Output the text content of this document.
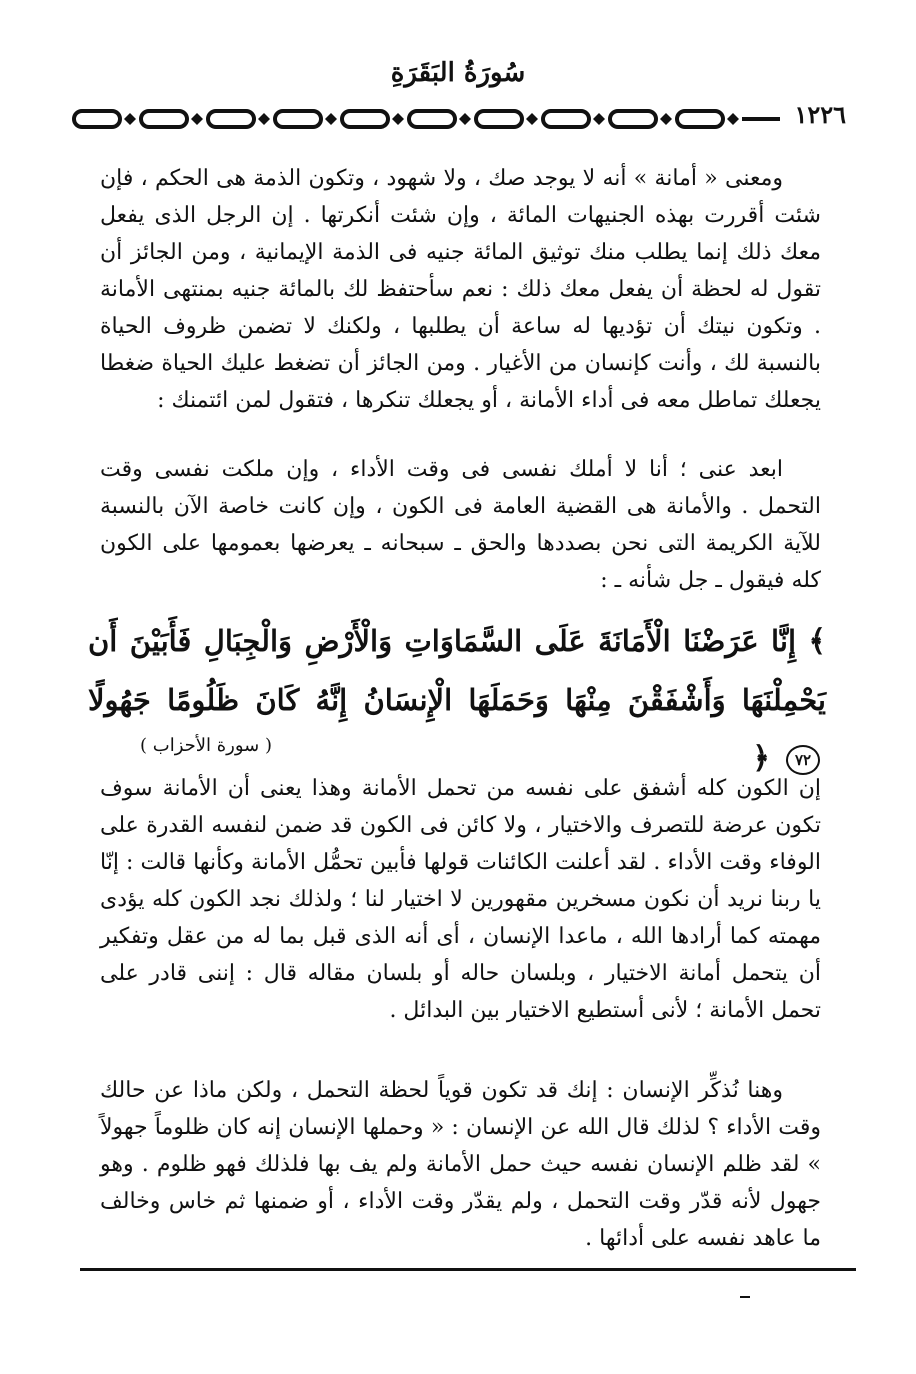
سُورَةُ البَقَرَةِ
١٢٢٦

ومعنى « أمانة » أنه لا يوجد صك ، ولا شهود ، وتكون الذمة هى الحكم ، فإن شئت أقررت بهذه الجنيهات المائة ، وإن شئت أنكرتها . إن الرجل الذى يفعل معك ذلك إنما يطلب منك توثيق المائة جنيه فى الذمة الإيمانية ، ومن الجائز أن تقول له لحظة أن يفعل معك ذلك : نعم سأحتفظ لك بالمائة جنيه بمنتهى الأمانة . وتكون نيتك أن تؤديها له ساعة أن يطلبها ، ولكنك لا تضمن ظروف الحياة بالنسبة لك ، وأنت كإنسان من الأغيار . ومن الجائز أن تضغط عليك الحياة ضغطا يجعلك تماطل معه فى أداء الأمانة ، أو يجعلك تنكرها ، فتقول لمن ائتمنك :

ابعد عنى ؛ أنا لا أملك نفسى فى وقت الأداء ، وإن ملكت نفسى وقت التحمل . والأمانة هى القضية العامة فى الكون ، وإن كانت خاصة الآن بالنسبة للآية الكريمة التى نحن بصددها والحق ـ سبحانه ـ يعرضها بعمومها على الكون كله فيقول ـ جل شأنه ـ :

﴾ إِنَّا عَرَضْنَا الْأَمَانَةَ عَلَى السَّمَاوَاتِ وَالْأَرْضِ وَالْجِبَالِ فَأَبَيْنَ أَن يَحْمِلْنَهَا وَأَشْفَقْنَ مِنْهَا وَحَمَلَهَا الْإِنسَانُ إِنَّهُ كَانَ ظَلُومًا جَهُولًا ٧٢ ﴿
( سورة الأحزاب )

إن الكون كله أشفق على نفسه من تحمل الأمانة وهذا يعنى أن الأمانة سوف تكون عرضة للتصرف والاختيار ، ولا كائن فى الكون قد ضمن لنفسه القدرة على الوفاء وقت الأداء . لقد أعلنت الكائنات قولها فأبين تحمُّل الأمانة وكأنها قالت : إنّا يا ربنا نريد أن نكون مسخرين مقهورين لا اختيار لنا ؛ ولذلك نجد الكون كله يؤدى مهمته كما أرادها الله ، ماعدا الإنسان ، أى أنه الذى قبل بما له من عقل وتفكير أن يتحمل أمانة الاختيار ، وبلسان حاله أو بلسان مقاله قال : إننى قادر على تحمل الأمانة ؛ لأنى أستطيع الاختيار بين البدائل .

وهنا نُذكِّر الإنسان : إنك قد تكون قوياً لحظة التحمل ، ولكن ماذا عن حالك وقت الأداء ؟ لذلك قال الله عن الإنسان : « وحملها الإنسان إنه كان ظلوماً جهولاً » لقد ظلم الإنسان نفسه حيث حمل الأمانة ولم يف بها فلذلك فهو ظلوم . وهو جهول لأنه قدّر وقت التحمل ، ولم يقدّر وقت الأداء ، أو ضمنها ثم خاس وخالف ما عاهد نفسه على أدائها .
